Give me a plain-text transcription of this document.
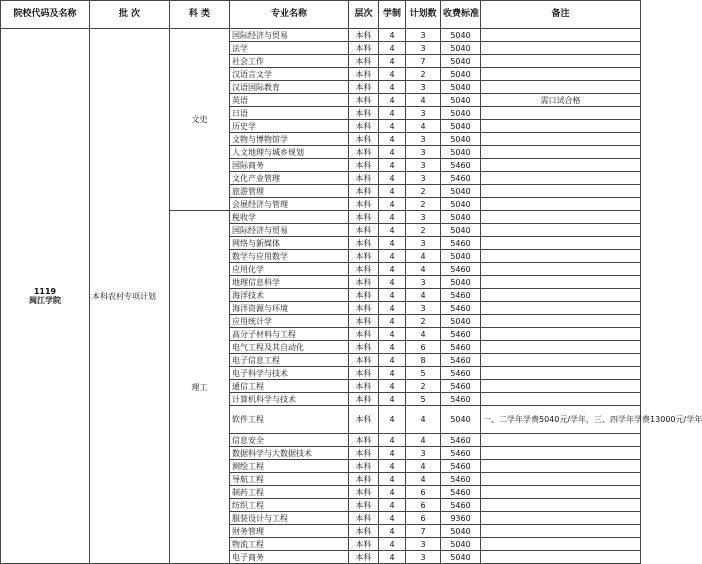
院校代码及名称	批 次	科 类	专业名称	层次	学制	计划数	收费标准	备注

1119
闽江学院	本科农村专项计划	文史	国际经济与贸易	本科	4	3	5040	
			法学	本科	4	3	5040	
			社会工作	本科	4	7	5040	
			汉语言文学	本科	4	2	5040	
			汉语国际教育	本科	4	3	5040	
			英语	本科	4	4	5040	需口试合格
			日语	本科	4	3	5040	
			历史学	本科	4	4	5040	
			文物与博物馆学	本科	4	3	5040	
			人文地理与城乡规划	本科	4	3	5040	
			国际商务	本科	4	3	5460	
			文化产业管理	本科	4	3	5460	
			旅游管理	本科	4	2	5040	
			会展经济与管理	本科	4	2	5040	
		理工	税收学	本科	4	3	5040	
			国际经济与贸易	本科	4	2	5040	
			网络与新媒体	本科	4	3	5460	
			数学与应用数学	本科	4	4	5040	
			应用化学	本科	4	4	5460	
			地理信息科学	本科	4	3	5040	
			海洋技术	本科	4	4	5460	
			海洋资源与环境	本科	4	3	5460	
			应用统计学	本科	4	2	5040	
			高分子材料与工程	本科	4	4	5460	
			电气工程及其自动化	本科	4	6	5460	
			电子信息工程	本科	4	8	5460	
			电子科学与技术	本科	4	5	5460	
			通信工程	本科	4	2	5460	
			计算机科学与技术	本科	4	5	5460	
			软件工程	本科	4	4	5040	一、二学年学费5040元/学年，三、四学年学费13000元/学年
			信息安全	本科	4	4	5460	
			数据科学与大数据技术	本科	4	3	5460	
			测绘工程	本科	4	4	5460	
			导航工程	本科	4	4	5460	
			制药工程	本科	4	6	5460	
			纺织工程	本科	4	6	5460	
			服装设计与工程	本科	4	6	9360	
			财务管理	本科	4	7	5040	
			物流工程	本科	4	3	5040	
			电子商务	本科	4	3	5040	
